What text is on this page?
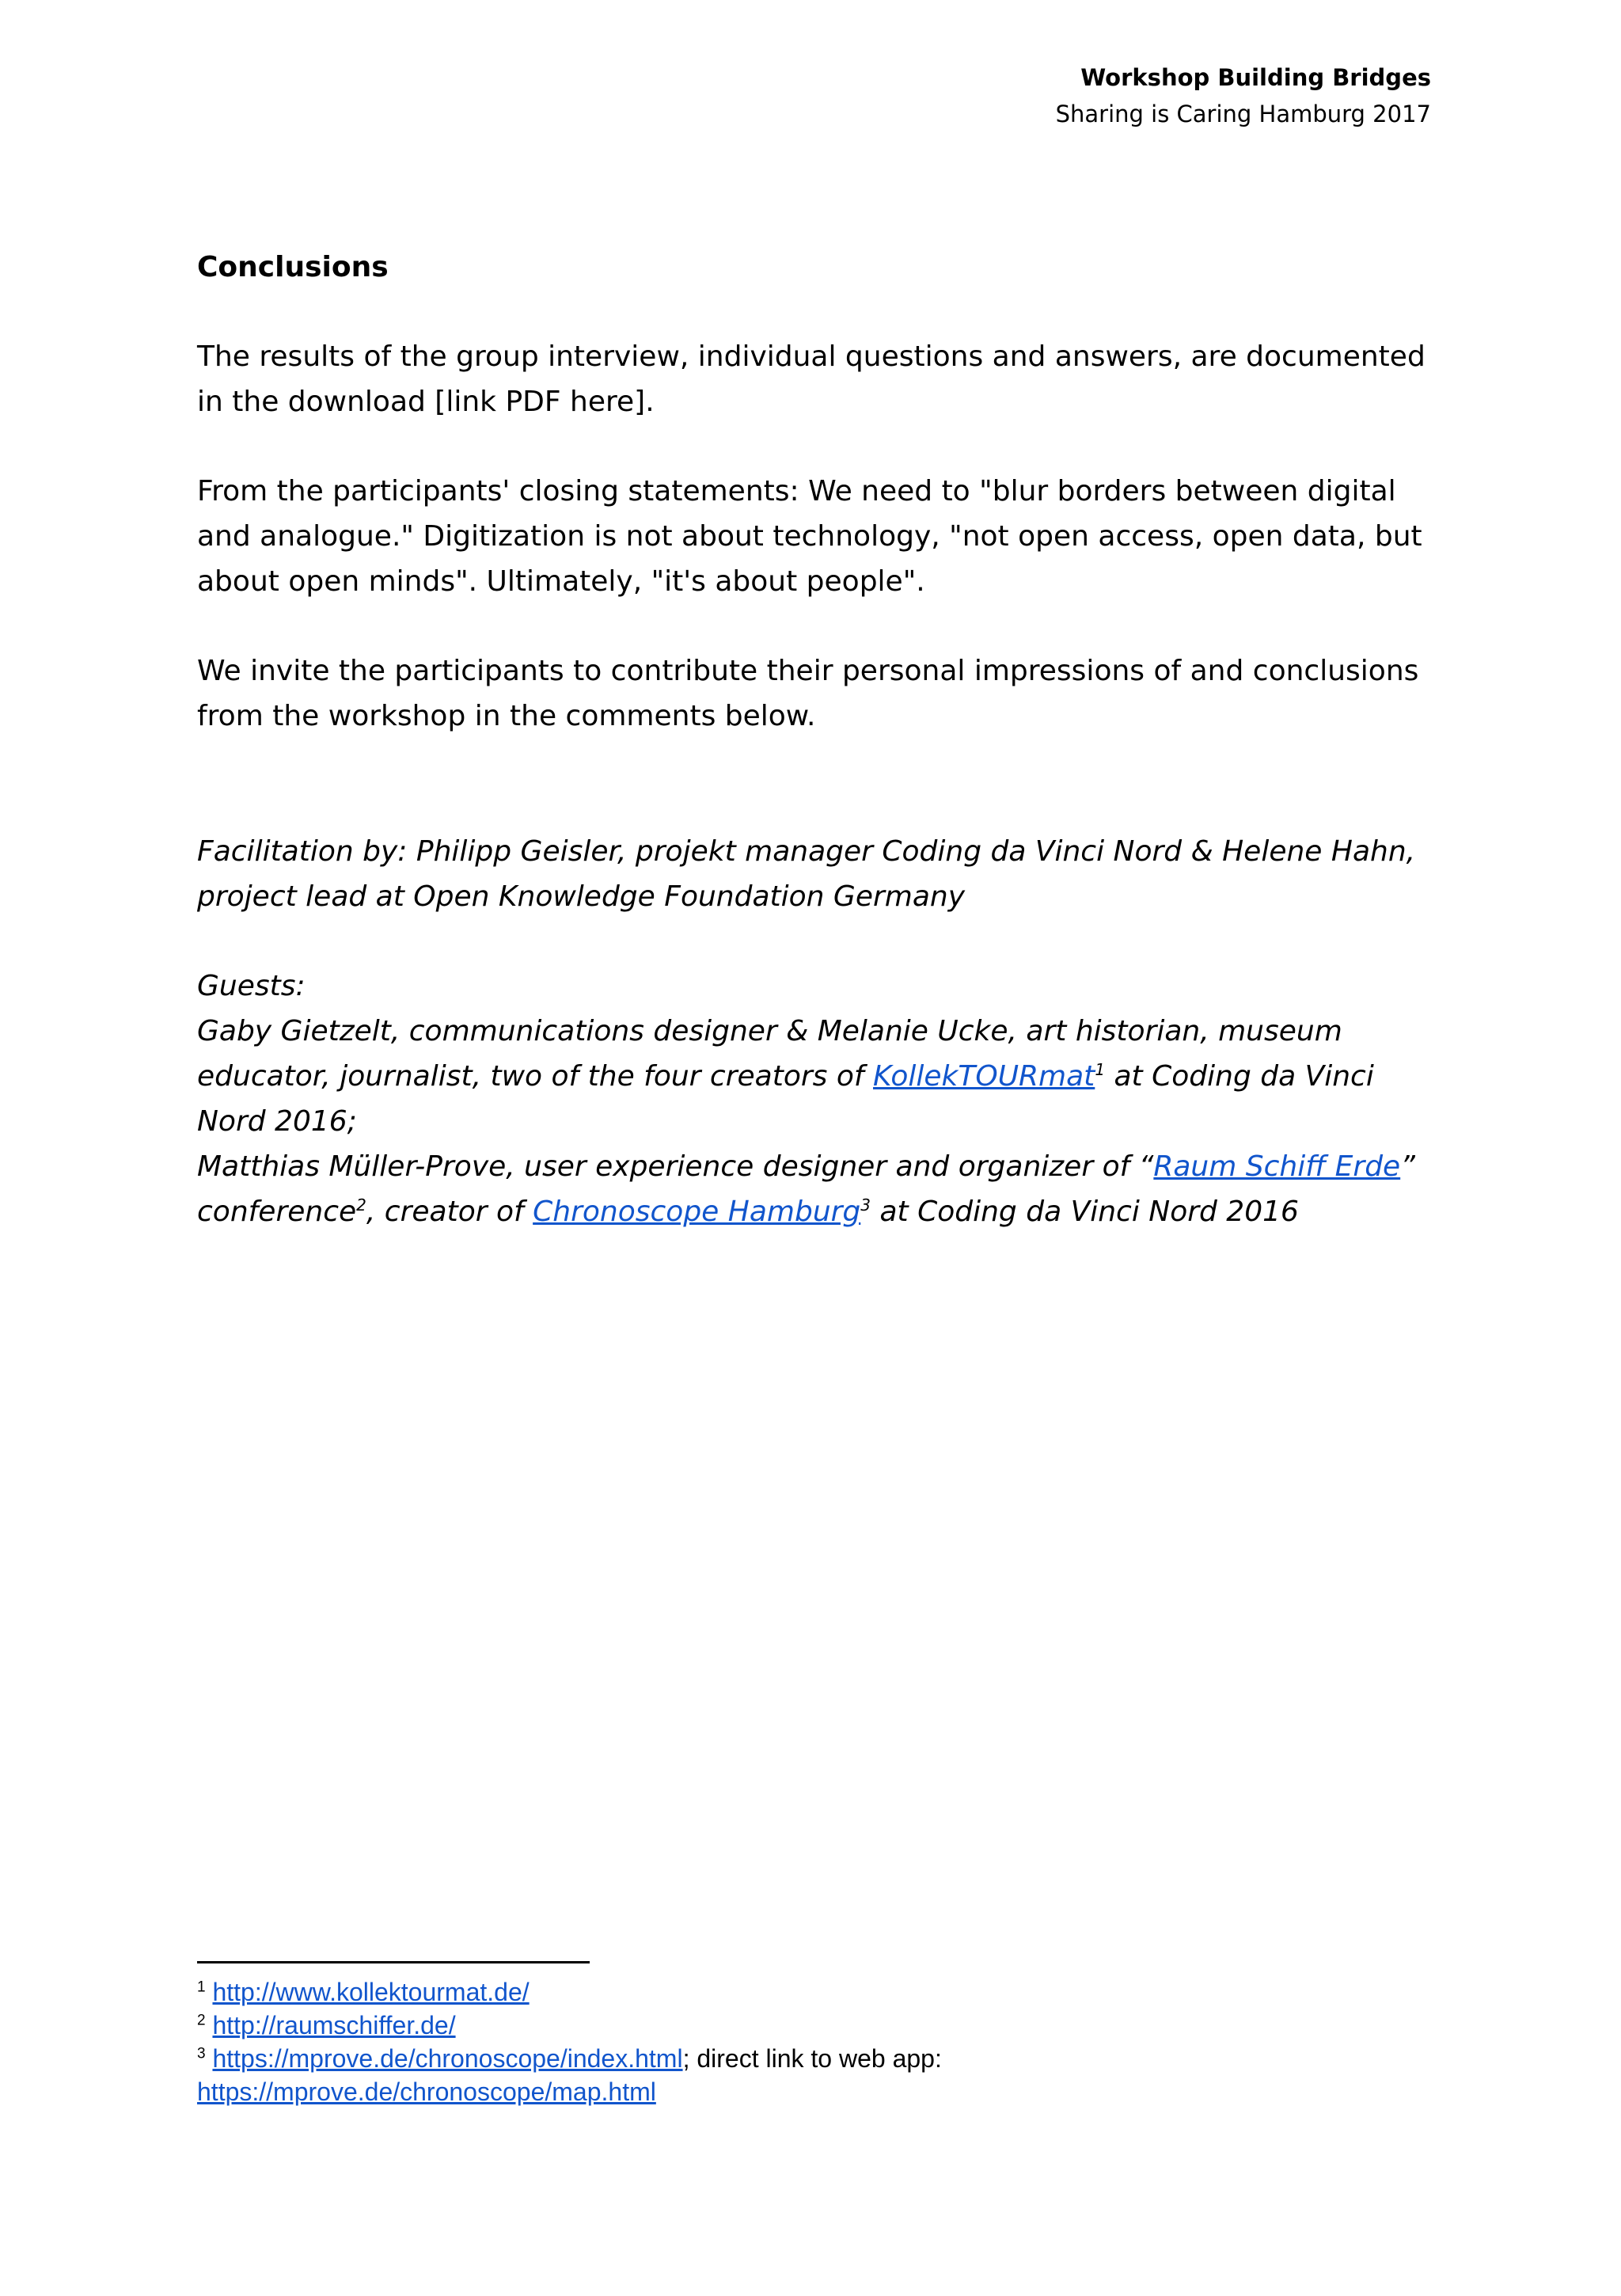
Workshop Building Bridges
Sharing is Caring Hamburg 2017
Conclusions

The results of the group interview, individual questions and answers, are documented in the download [link PDF here].

From the participants' closing statements: We need to "blur borders between digital and analogue." Digitization is not about technology, "not open access, open data, but about open minds". Ultimately, "it's about people".

We invite the participants to contribute their personal impressions of and conclusions from the workshop in the comments below.

Facilitation by: Philipp Geisler, projekt manager Coding da Vinci Nord & Helene Hahn, project lead at Open Knowledge Foundation Germany

Guests:

Gaby Gietzelt, communications designer & Melanie Ucke, art historian, museum educator, journalist, two of the four creators of KollekTOURmat$^1$ at Coding da Vinci Nord 2016;
Matthias Müller-Prove, user experience designer and organizer of “Raum Schiff Erde” conference$^2$, creator of Chronoscope Hamburg$^3$ at Coding da Vinci Nord 2016

$^1$ http://www.kollektourmat.de/
$^2$ http://raumschiffer.de/
$^3$ https://mprove.de/chronoscope/index.html; direct link to web app:
https://mprove.de/chronoscope/map.html
